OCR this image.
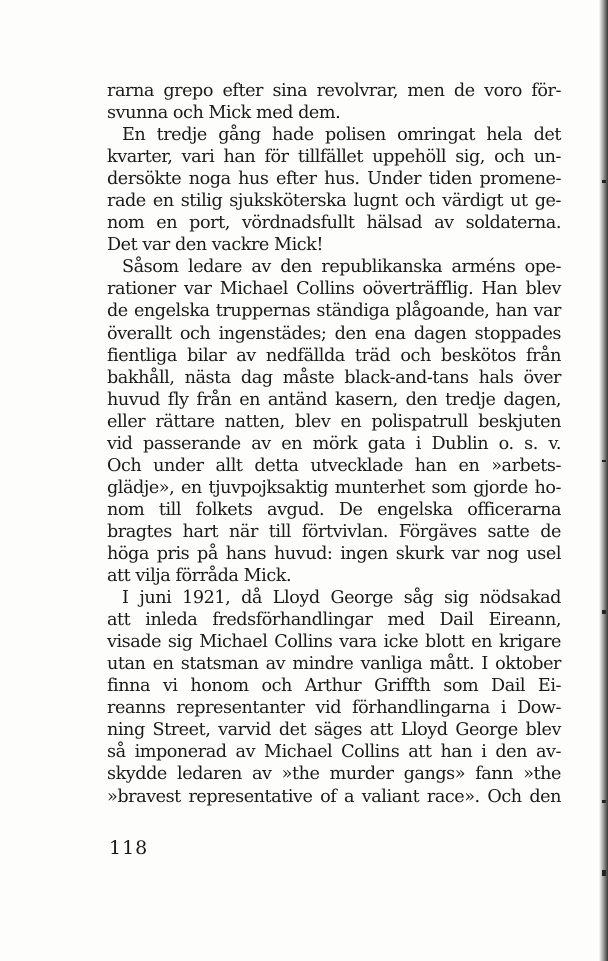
rarna grepo efter sina revolvrar, men de voro för-
svunna och Mick med dem.
En tredje gång hade polisen omringat hela det
kvarter, vari han för tillfället uppehöll sig, och un-
dersökte noga hus efter hus. Under tiden promene-
rade en stilig sjuksköterska lugnt och värdigt ut ge-
nom en port, vördnadsfullt hälsad av soldaterna.
Det var den vackre Mick!
Såsom ledare av den republikanska arméns ope-
rationer var Michael Collins oöverträfflig. Han blev
de engelska truppernas ständiga plågoande, han var
överallt och ingenstädes; den ena dagen stoppades
fientliga bilar av nedfällda träd och beskötos från
bakhåll, nästa dag måste black-and-tans hals över
huvud fly från en antänd kasern, den tredje dagen,
eller rättare natten, blev en polispatrull beskjuten
vid passerande av en mörk gata i Dublin o. s. v.
Och under allt detta utvecklade han en »arbets-
glädje», en tjuvpojksaktig munterhet som gjorde ho-
nom till folkets avgud. De engelska officerarna
bragtes hart när till förtvivlan. Förgäves satte de
höga pris på hans huvud: ingen skurk var nog usel
att vilja förråda Mick.
I juni 1921, då Lloyd George såg sig nödsakad
att inleda fredsförhandlingar med Dail Eireann,
visade sig Michael Collins vara icke blott en krigare
utan en statsman av mindre vanliga mått. I oktober
finna vi honom och Arthur Griffth som Dail Ei-
reanns representanter vid förhandlingarna i Dow-
ning Street, varvid det säges att Lloyd George blev
så imponerad av Michael Collins att han i den av-
skydde ledaren av »the murder gangs» fann »the
»bravest representative of a valiant race». Och den
118
